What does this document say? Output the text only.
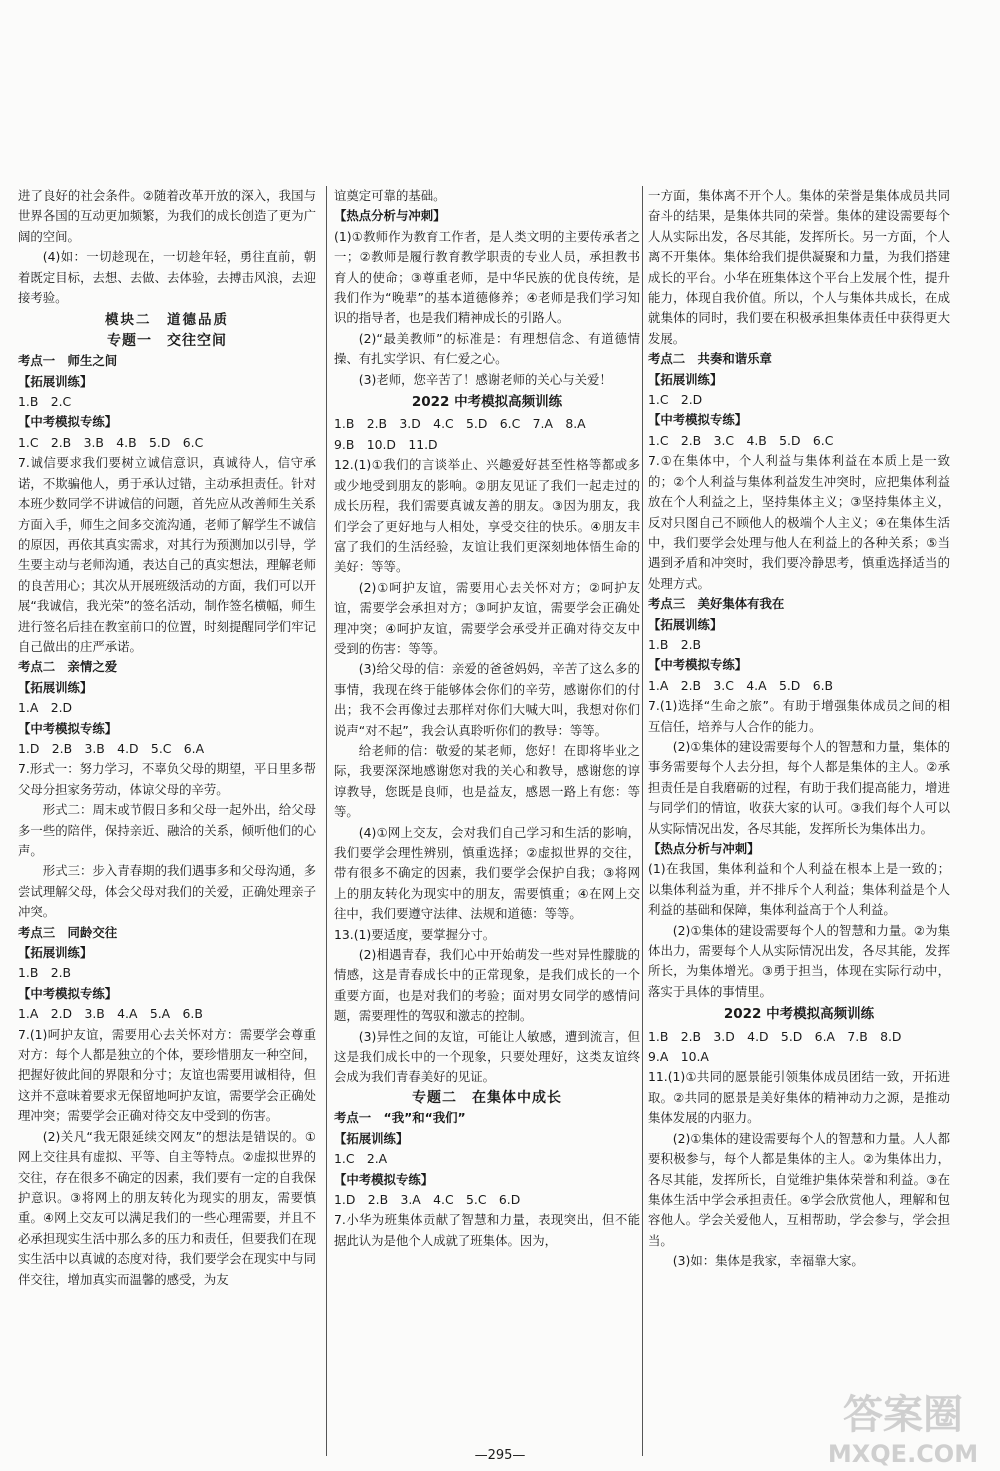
进了良好的社会条件。②随着改革开放的深入，我国与世界各国的互动更加频繁，为我们的成长创造了更为广阔的空间。

(4)如：一切趁现在，一切趁年轻，勇往直前，朝着既定目标，去想、去做、去体验，去搏击风浪，去迎接考验。

模块二　道德品质

专题一　交往空间

考点一　师生之间

【拓展训练】

1.B　2.C

【中考模拟专练】

1.C　2.B　3.B　4.B　5.D　6.C

7.诚信要求我们要树立诚信意识，真诚待人，信守承诺，不欺骗他人，勇于承认过错，主动承担责任。针对本班少数同学不讲诚信的问题，首先应从改善师生关系方面入手，师生之间多交流沟通，老师了解学生不诚信的原因，再依其真实需求，对其行为预测加以引导，学生要主动与老师沟通，表达自己的真实想法，理解老师的良苦用心；其次从开展班级活动的方面，我们可以开展“我诚信，我光荣”的签名活动，制作签名横幅，师生进行签名后挂在教室前口的位置，时刻提醒同学们牢记自己做出的庄严承诺。

考点二　亲情之爱

【拓展训练】

1.A　2.D

【中考模拟专练】

1.D　2.B　3.B　4.D　5.C　6.A

7.形式一：努力学习，不辜负父母的期望，平日里多帮父母分担家务劳动，体谅父母的辛劳。

形式二：周末或节假日多和父母一起外出，给父母多一些的陪伴，保持亲近、融洽的关系，倾听他们的心声。

形式三：步入青春期的我们遇事多和父母沟通，多尝试理解父母，体会父母对我们的关爱，正确处理亲子冲突。

考点三　同龄交往

【拓展训练】

1.B　2.B

【中考模拟专练】

1.A　2.D　3.B　4.A　5.A　6.B

7.(1)呵护友谊，需要用心去关怀对方：需要学会尊重对方：每个人都是独立的个体，要珍惜朋友一种空间，把握好彼此间的界限和分寸；友谊也需要用诚相待，但这并不意味着要求无保留地呵护友谊，需要学会正确处理冲突；需要学会正确对待交友中受到的伤害。

(2)关凡“我无限延续交网友”的想法是错误的。①网上交往具有虚拟、平等、自主等特点。②虚拟世界的交往，存在很多不确定的因素，我们要有一定的自我保护意识。③将网上的朋友转化为现实的朋友，需要慎重。④网上交友可以满足我们的一些心理需要，并且不必承担现实生活中那么多的压力和责任，但要我们在现实生活中以真诚的态度对待，我们要学会在现实中与同伴交往，增加真实而温馨的感受，为友

谊奠定可靠的基础。

【热点分析与冲刺】

(1)①教师作为教育工作者，是人类文明的主要传承者之一；②教师是履行教育教学职责的专业人员，承担教书育人的使命；③尊重老师，是中华民族的优良传统，是我们作为“晚辈”的基本道德修养；④老师是我们学习知识的指导者，也是我们精神成长的引路人。

(2)“最美教师”的标准是：有理想信念、有道德情操、有扎实学识、有仁爱之心。

(3)老师，您辛苦了！感谢老师的关心与关爱！

2022 中考模拟高频训练

1.B　2.B　3.D　4.C　5.D　6.C　7.A　8.A

9.B　10.D　11.D

12.(1)①我们的言谈举止、兴趣爱好甚至性格等都或多或少地受到朋友的影响。②朋友见证了我们一起走过的成长历程，我们需要真诚友善的朋友。③因为朋友，我们学会了更好地与人相处，享受交往的快乐。④朋友丰富了我们的生活经验，友谊让我们更深刻地体悟生命的美好：等等。

(2)①呵护友谊，需要用心去关怀对方；②呵护友谊，需要学会承担对方；③呵护友谊，需要学会正确处理冲突；④呵护友谊，需要学会承受并正确对待交友中受到的伤害：等等。

(3)给父母的信：亲爱的爸爸妈妈，辛苦了这么多的事情，我现在终于能够体会你们的辛劳，感谢你们的付出；我不会再像过去那样对你们大喊大叫，我想对你们说声“对不起”，我会认真聆听你们的教导：等等。

给老师的信：敬爱的某老师，您好！在即将毕业之际，我要深深地感谢您对我的关心和教导，感谢您的谆谆教导，您既是良师，也是益友，感恩一路上有您：等等。

(4)①网上交友，会对我们自己学习和生活的影响，我们要学会理性辨别，慎重选择；②虚拟世界的交往，带有很多不确定的因素，我们要学会保护自我；③将网上的朋友转化为现实中的朋友，需要慎重；④在网上交往中，我们要遵守法律、法规和道德：等等。

13.(1)要适度，要掌握分寸。

(2)相遇青春，我们心中开始萌发一些对异性朦胧的情感，这是青春成长中的正常现象，是我们成长的一个重要方面，也是对我们的考验；面对男女同学的感情问题，需要理性的驾驭和激志的控制。

(3)异性之间的友谊，可能让人敏感，遭到流言，但这是我们成长中的一个现象，只要处理好，这类友谊终会成为我们青春美好的见证。

专题二　在集体中成长

考点一　“我”和“我们”

【拓展训练】

1.C　2.A

【中考模拟专练】

1.D　2.B　3.A　4.C　5.C　6.D

7.小华为班集体贡献了智慧和力量，表现突出，但不能据此认为是他个人成就了班集体。因为，

一方面，集体离不开个人。集体的荣誉是集体成员共同奋斗的结果，是集体共同的荣誉。集体的建设需要每个人从实际出发，各尽其能，发挥所长。另一方面，个人离不开集体。集体给我们提供凝聚和力量，为我们搭建成长的平台。小华在班集体这个平台上发展个性，提升能力，体现自我价值。所以，个人与集体共成长，在成就集体的同时，我们要在积极承担集体责任中获得更大发展。

考点二　共奏和谐乐章

【拓展训练】

1.C　2.D

【中考模拟专练】

1.C　2.B　3.C　4.B　5.D　6.C

7.①在集体中，个人利益与集体利益在本质上是一致的；②个人利益与集体利益发生冲突时，应把集体利益放在个人利益之上，坚持集体主义；③坚持集体主义，反对只图自己不顾他人的极端个人主义；④在集体生活中，我们要学会处理与他人在利益上的各种关系；⑤当遇到矛盾和冲突时，我们要冷静思考，慎重选择适当的处理方式。

考点三　美好集体有我在

【拓展训练】

1.B　2.B

【中考模拟专练】

1.A　2.B　3.C　4.A　5.D　6.B

7.(1)选择“生命之旅”。有助于增强集体成员之间的相互信任，培养与人合作的能力。

(2)①集体的建设需要每个人的智慧和力量，集体的事务需要每个人去分担，每个人都是集体的主人。②承担责任是自我磨砺的过程，有助于我们提高能力，增进与同学们的情谊，收获大家的认可。③我们每个人可以从实际情况出发，各尽其能，发挥所长为集体出力。

【热点分析与冲刺】

(1)在我国，集体利益和个人利益在根本上是一致的；以集体利益为重，并不排斥个人利益；集体利益是个人利益的基础和保障，集体利益高于个人利益。

(2)①集体的建设需要每个人的智慧和力量。②为集体出力，需要每个人从实际情况出发，各尽其能，发挥所长，为集体增光。③勇于担当，体现在实际行动中，落实于具体的事情里。

2022 中考模拟高频训练

1.B　2.B　3.D　4.D　5.D　6.A　7.B　8.D

9.A　10.A

11.(1)①共同的愿景能引领集体成员团结一致，开拓进取。②共同的愿景是美好集体的精神动力之源，是推动集体发展的内驱力。

(2)①集体的建设需要每个人的智慧和力量。人人都要积极参与，每个人都是集体的主人。②为集体出力，各尽其能，发挥所长，自觉维护集体荣誉和利益。③在集体生活中学会承担责任。④学会欣赏他人，理解和包容他人。学会关爱他人，互相帮助，学会参与，学会担当。

(3)如：集体是我家，幸福靠大家。

—295—
答案圈
MXQE.COM
